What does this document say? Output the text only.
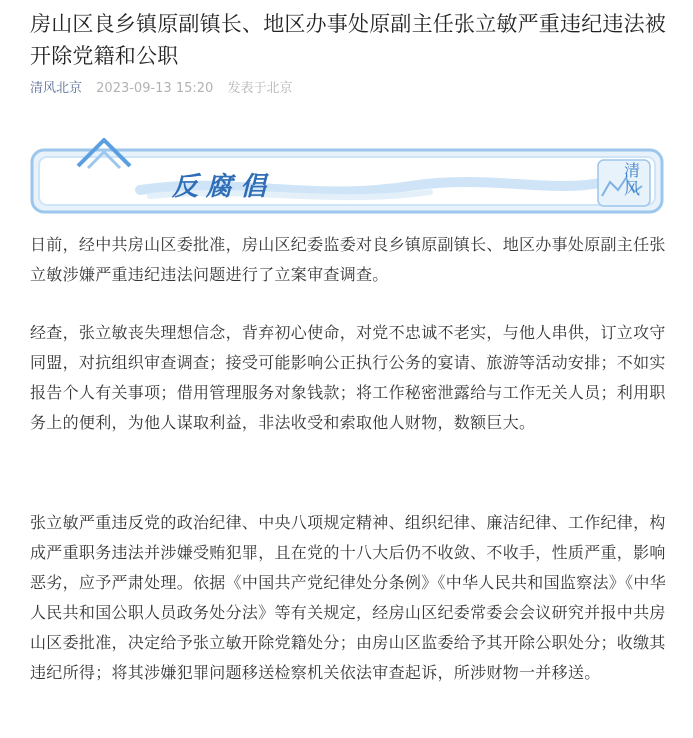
房山区良乡镇原副镇长、地区办事处原副主任张立敏严重违纪违法被开除党籍和公职
清风北京 2023-09-13 15:20 发表于北京
反腐倡
清风

日前，经中共房山区委批准，房山区纪委监委对良乡镇原副镇长、地区办事处原副主任张立敏涉嫌严重违纪违法问题进行了立案审查调查。

经查，张立敏丧失理想信念，背弃初心使命，对党不忠诚不老实，与他人串供，订立攻守同盟，对抗组织审查调查；接受可能影响公正执行公务的宴请、旅游等活动安排；不如实报告个人有关事项；借用管理服务对象钱款；将工作秘密泄露给与工作无关人员；利用职务上的便利，为他人谋取利益，非法收受和索取他人财物，数额巨大。

张立敏严重违反党的政治纪律、中央八项规定精神、组织纪律、廉洁纪律、工作纪律，构成严重职务违法并涉嫌受贿犯罪，且在党的十八大后仍不收敛、不收手，性质严重，影响恶劣，应予严肃处理。依据《中国共产党纪律处分条例》《中华人民共和国监察法》《中华人民共和国公职人员政务处分法》等有关规定，经房山区纪委常委会会议研究并报中共房山区委批准，决定给予张立敏开除党籍处分；由房山区监委给予其开除公职处分；收缴其违纪所得；将其涉嫌犯罪问题移送检察机关依法审查起诉，所涉财物一并移送。
